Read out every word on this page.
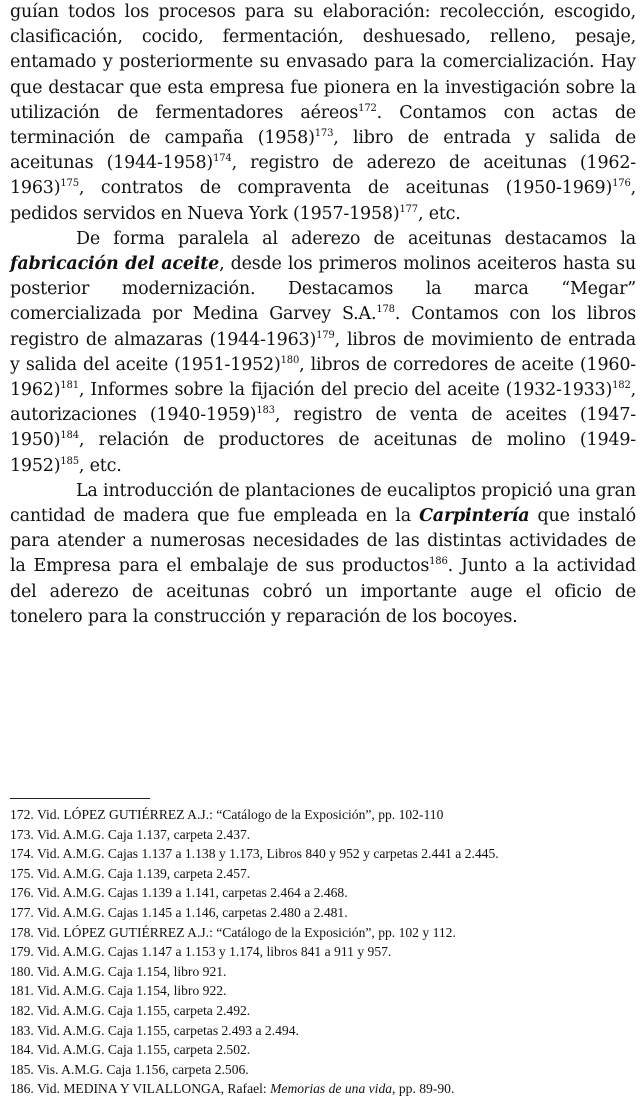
guían todos los procesos para su elaboración: recolección, escogido, clasificación, cocido, fermentación, deshuesado, relleno, pesaje, entamado y posteriormente su envasado para la comercialización. Hay que destacar que esta empresa fue pionera en la investigación sobre la utilización de fermentadores aéreos$^{172}$. Contamos con actas de terminación de campaña $(1958)^{173}$, libro de entrada y salida de aceitunas (1944-1958)$^{174}$, registro de aderezo de aceitunas (1962-1963)$^{175}$, contratos de compraventa de aceitunas (1950-1969)$^{176}$, pedidos servidos en Nueva York (1957-1958)$^{177}$, etc.

De forma paralela al aderezo de aceitunas destacamos la fabricación del aceite, desde los primeros molinos aceiteros hasta su posterior modernización. Destacamos la marca “Megar” comercializada por Medina Garvey S.A.$^{178}$. Contamos con los libros registro de almazaras (1944-1963)$^{179}$, libros de movimiento de entrada y salida del aceite (1951-1952)$^{180}$, libros de corredores de aceite (1960-1962)$^{181}$, Informes sobre la fijación del precio del aceite (1932-1933)$^{182}$, autorizaciones (1940-1959)$^{183}$, registro de venta de aceites (1947-1950)$^{184}$, relación de productores de aceitunas de molino (1949-1952)$^{185}$, etc.

La introducción de plantaciones de eucaliptos propició una gran cantidad de madera que fue empleada en la Carpintería que instaló para atender a numerosas necesidades de las distintas actividades de la Empresa para el embalaje de sus productos$^{186}$. Junto a la actividad del aderezo de aceitunas cobró un importante auge el oficio de tonelero para la construcción y reparación de los bocoyes.

172. Vid. LÓPEZ GUTIÉRREZ A.J.: “Catálogo de la Exposición”, pp. 102-110
173. Vid. A.M.G. Caja 1.137, carpeta 2.437.
174. Vid. A.M.G. Cajas 1.137 a 1.138 y 1.173, Libros 840 y 952 y carpetas 2.441 a 2.445.
175. Vid. A.M.G. Caja 1.139, carpeta 2.457.
176. Vid. A.M.G. Cajas 1.139 a 1.141, carpetas 2.464 a 2.468.
177. Vid. A.M.G. Cajas 1.145 a 1.146, carpetas 2.480 a 2.481.
178. Vid. LÓPEZ GUTIÉRREZ A.J.: “Catálogo de la Exposición”, pp. 102 y 112.
179. Vid. A.M.G. Cajas 1.147 a 1.153 y 1.174, libros 841 a 911 y 957.
180. Vid. A.M.G. Caja 1.154, libro 921.
181. Vid. A.M.G. Caja 1.154, libro 922.
182. Vid. A.M.G. Caja 1.155, carpeta 2.492.
183. Vid. A.M.G. Caja 1.155, carpetas 2.493 a 2.494.
184. Vid. A.M.G. Caja 1.155, carpeta 2.502.
185. Vis. A.M.G. Caja 1.156, carpeta 2.506.
186. Vid. MEDINA Y VILALLONGA, Rafael: Memorias de una vida, pp. 89-90.
